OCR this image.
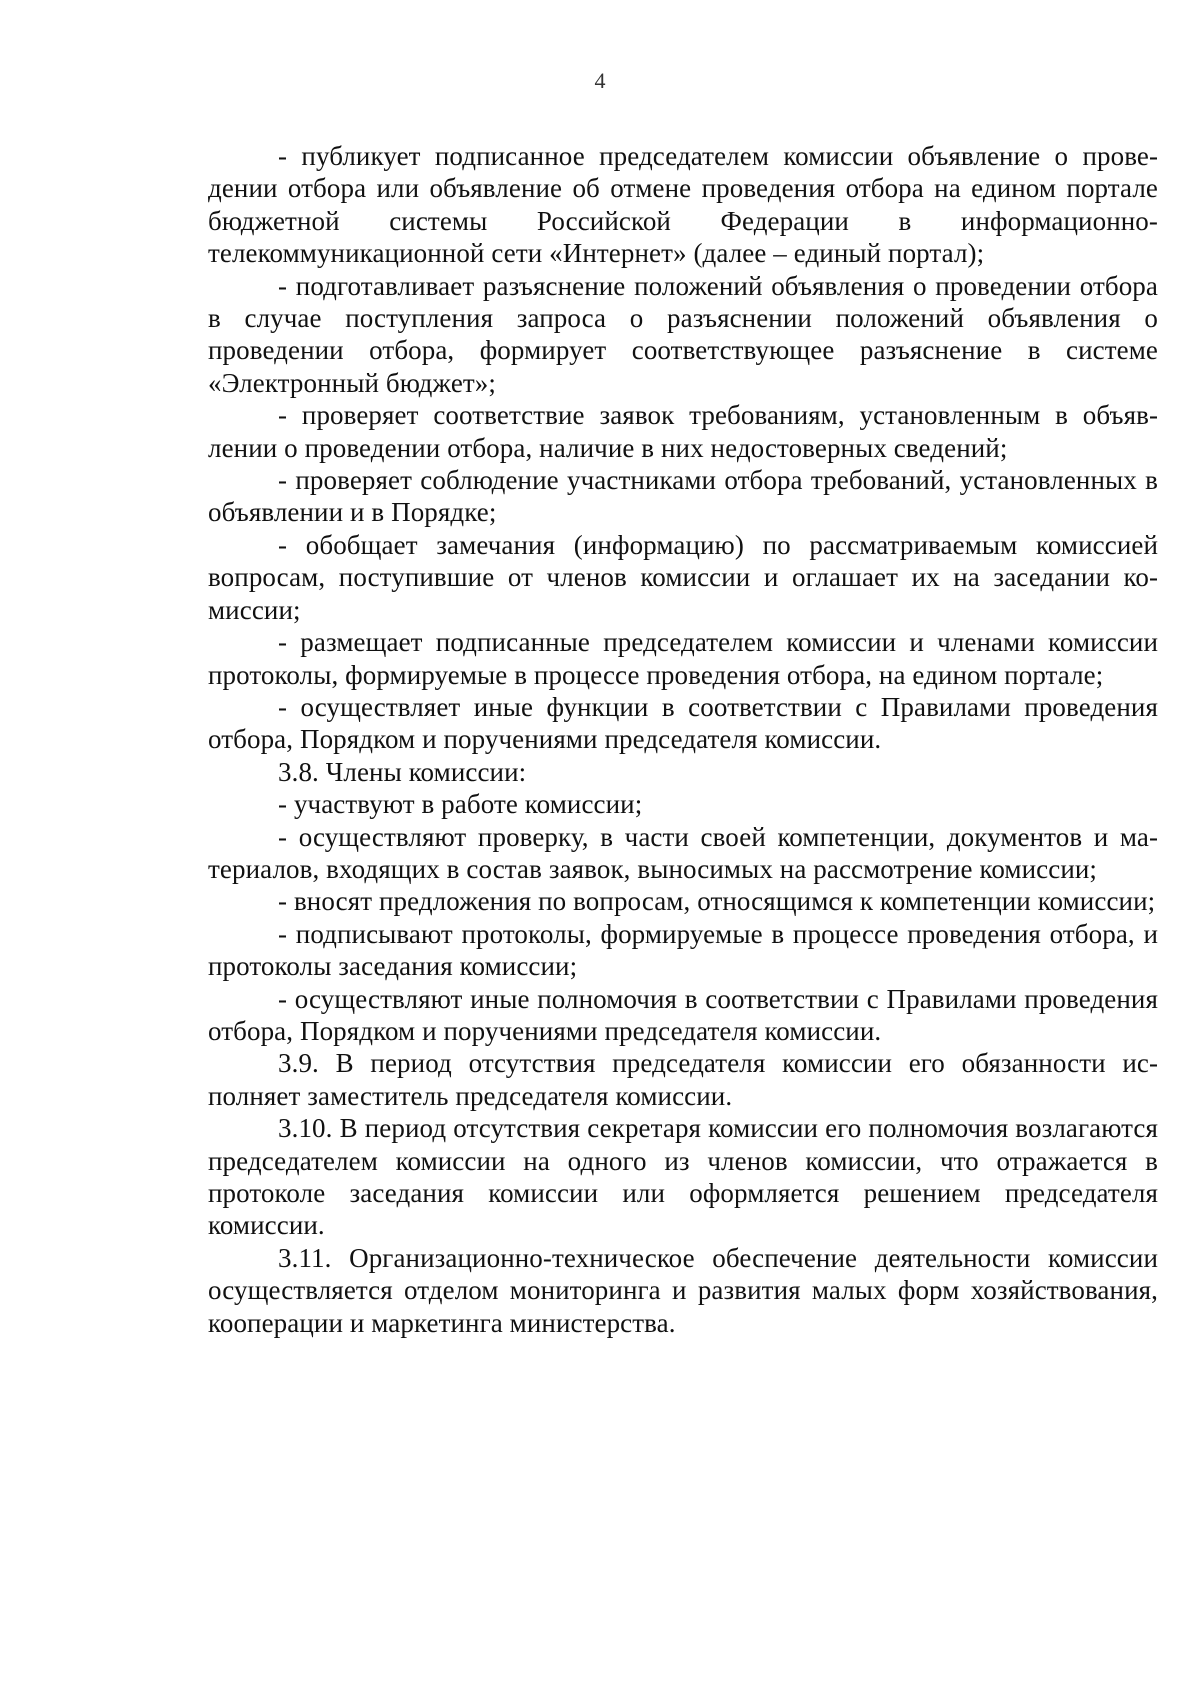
4

- публикует подписанное председателем комиссии объявление о проведении отбора или объявление об отмене проведения отбора на едином портале бюджетной системы Российской Федерации в информационно-телекоммуникационной сети «Интернет» (далее – единый портал);

- подготавливает разъяснение положений объявления о проведении отбора в случае поступления запроса о разъяснении положений объявления о проведении отбора, формирует соответствующее разъяснение в системе «Электронный бюджет»;

- проверяет соответствие заявок требованиям, установленным в объявлении о проведении отбора, наличие в них недостоверных сведений;

- проверяет соблюдение участниками отбора требований, установленных в объявлении и в Порядке;

- обобщает замечания (информацию) по рассматриваемым комиссией вопросам, поступившие от членов комиссии и оглашает их на заседании комиссии;

- размещает подписанные председателем комиссии и членами комиссии протоколы, формируемые в процессе проведения отбора, на едином портале;

- осуществляет иные функции в соответствии с Правилами проведения отбора, Порядком и поручениями председателя комиссии.

3.8. Члены комиссии:

- участвуют в работе комиссии;

- осуществляют проверку, в части своей компетенции, документов и материалов, входящих в состав заявок, выносимых на рассмотрение комиссии;

- вносят предложения по вопросам, относящимся к компетенции комиссии;

- подписывают протоколы, формируемые в процессе проведения отбора, и протоколы заседания комиссии;

- осуществляют иные полномочия в соответствии с Правилами проведения отбора, Порядком и поручениями председателя комиссии.

3.9. В период отсутствия председателя комиссии его обязанности исполняет заместитель председателя комиссии.

3.10. В период отсутствия секретаря комиссии его полномочия возлагаются председателем комиссии на одного из членов комиссии, что отражается в протоколе заседания комиссии или оформляется решением председателя комиссии.

3.11. Организационно-техническое обеспечение деятельности комиссии осуществляется отделом мониторинга и развития малых форм хозяйствования, кооперации и маркетинга министерства.
